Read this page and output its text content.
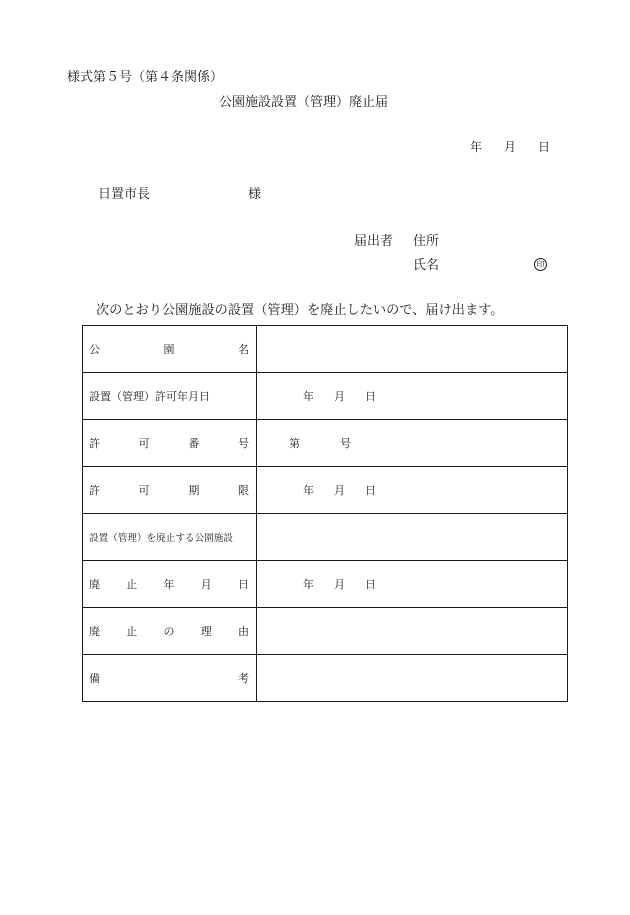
様式第５号（第４条関係）
公園施設設置（管理）廃止届
年 月 日
日置市長	様
届出者 住所
氏名	印
次のとおり公園施設の設置（管理）を廃止したいので、届け出ます。
公 園 名	

設置（管理）許可年月日	年 月 日

許 可 番 号	第 号

許 可 期 限	年 月 日
設置（管理）を廃止する公園施設	

廃 止 年 月 日	年 月 日

廃 止 の 理 由	

備 考	
